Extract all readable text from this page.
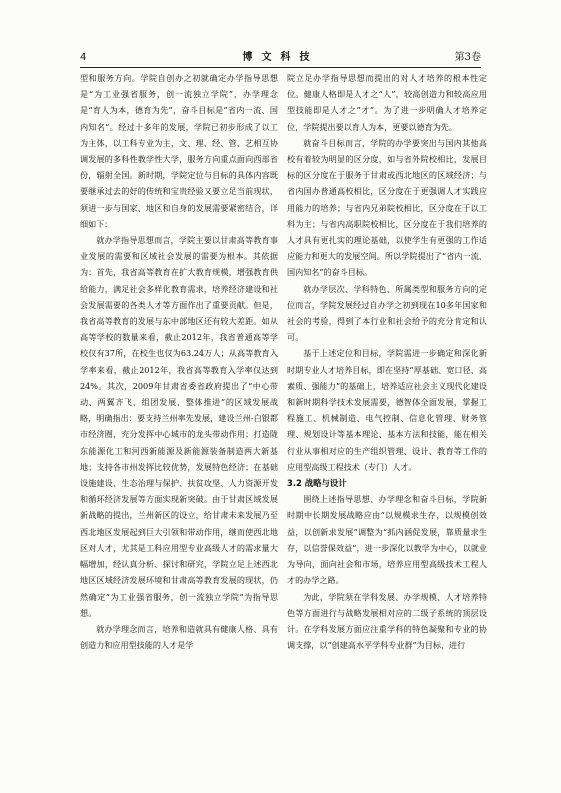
4	博文科技	第3卷

型和服务方向。学院自创办之初就确定办学指导思想是“为工业强省服务，创一流独立学院”，办学理念是“育人为本，德育为先”，奋斗目标是“省内一流、国内知名”。经过十多年的发展，学院已初步形成了以工为主体，以工科专业为主，文、理、经、管、艺相互协调发展的多科性教学性大学，服务方向重点面向西部省份，辐射全国。新时期，学院定位与目标的具体内容既要继承过去的好的传统和宝贵经验又要立足当前现状，须进一步与国家、地区和自身的发展需要紧密结合，详细如下：

就办学指导思想而言，学院主要以甘肃高等教育事业发展的需要和区域社会发展的需要为根本。其依据为：首先，我省高等教育在扩大教育规模，增强教育供给能力，满足社会多样化教育需求，培养经济建设和社会发展需要的各类人才等方面作出了重要贡献。但是，我省高等教育的发展与东中部地区还有较大差距。如从高等学校的数量来看，截止2012年，我省普通高等学校仅有37所，在校生也仅为63.24万人；从高等教育入学率来看，截止2012年，我省高等教育入学率仅达到24%。其次，2009年甘肃省委省政府提出了“中心带动、两翼齐飞、组团发展、整体推进”的区域发展战略，明确指出：要支持兰州率先发展，建设兰州-白银都市经济圈，充分发挥中心城市的龙头带动作用；打造陇东能源化工和河西新能源及新能源装备制造两大新基地；支持各市州发挥比较优势，发展特色经济；在基础设施建设、生态治理与保护、扶贫攻坚、人力资源开发和循环经济发展等方面实现新突破。由于甘肃区域发展新战略的提出，兰州新区的设立，给甘肃未来发展乃至西北地区发展起到巨大引领和带动作用，继而使西北地区对人才，尤其是工科应用型专业高级人才的需求量大幅增加，经认真分析、探讨和研究，学院立足上述西北地区区域经济发展环境和甘肃高等教育发展的现状，仍然确定“为工业强省服务，创一流独立学院”为指导思想。

就办学理念而言，培养和造就具有健康人格、具有创造力和应用型技能的人才是学

院立足办学指导思想而提出的对人才培养的根本性定位。健康人格即是人才之“人”，较高创造力和较高应用型技能即是人才之“才”。为了进一步明确人才培养定位，学院提出要以育人为本，更要以德育为先。

就奋斗目标而言，学院的办学要突出与国内其他高校有着较为明显的区分度，如与省外院校相比，发展目标的区分度在于服务于甘肃或西北地区的区域经济；与省内国办普通高校相比，区分度在于更强调人才实践应用能力的培养；与省内兄弟院校相比，区分度在于以工科为主；与省内高职院校相比，区分度在于我们培养的人才具有更扎实的理论基础，以使学生有更强的工作适应能力和更大的发展空间。所以学院提出了“省内一流、国内知名”的奋斗目标。

就办学层次、学科特色、所属类型和服务方向的定位而言，学院发展经过自办学之初到现在10多年国家和社会的考验，得到了本行业和社会给予的充分肯定和认可。

基于上述定位和目标，学院需进一步确定和深化新时期专业人才培养目标，即在坚持“厚基础、宽口径、高素质、强能力”的基础上，培养适应社会主义现代化建设和新时期科学技术发展需要，德智体全面发展，掌握工程施工、机械制造、电气控制、信息化管理、财务管理、规划设计等基本理论、基本方法和技能，能在相关行业从事相对应的生产组织管理、设计、教育等工作的应用型高级工程技术（专门）人才。

3.2 战略与设计

围绕上述指导思想、办学理念和奋斗目标，学院新时期中长期发展战略应由“以规模求生存，以规模创效益，以创新求发展”调整为“抓内涵促发展，靠质量求生存，以信誉保效益”，进一步深化以教学为中心，以就业为导向，面向社会和市场，培养应用型高级技术工程人才的办学之路。

为此，学院须在学科发展、办学规模、人才培养特色等方面进行与战略发展相对应的二级子系统的顶层设计。在学科发展方面应注重学科的特色凝聚和专业的协调支撑，以“创建高水平学科专业群”为目标，进行
